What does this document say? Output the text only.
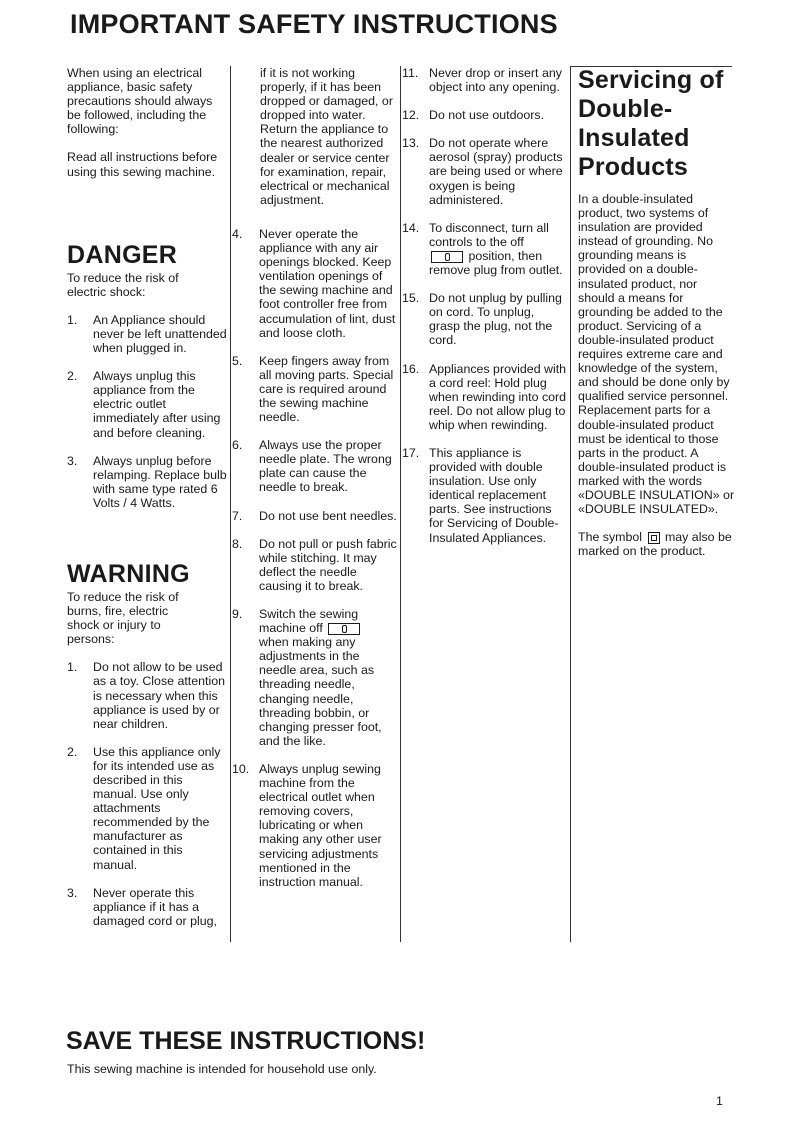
IMPORTANT SAFETY INSTRUCTIONS

When using an electrical appliance, basic safety precautions should always be followed, including the following:

Read all instructions before using this sewing machine.

DANGER

To reduce the risk of electric shock:

1. An Appliance should never be left unattended when plugged in.
2. Always unplug this appliance from the electric outlet immediately after using and before cleaning.
3. Always unplug before relamping. Replace bulb with same type rated 6 Volts / 4 Watts.
WARNING

To reduce the risk of burns, fire, electric shock or injury to persons:

1. Do not allow to be used as a toy. Close attention is necessary when this appliance is used by or near children.
2. Use this appliance only for its intended use as described in this manual. Use only attachments recommended by the manufacturer as contained in this manual.
3. Never operate this appliance if it has a damaged cord or plug,

if it is not working properly, if it has been dropped or damaged, or dropped into water. Return the appliance to the nearest authorized dealer or service center for examination, repair, electrical or mechanical adjustment.

4. Never operate the appliance with any air openings blocked. Keep ventilation openings of the sewing machine and foot controller free from accumulation of lint, dust and loose cloth.
5. Keep fingers away from all moving parts. Special care is required around the sewing machine needle.
6. Always use the proper needle plate. The wrong plate can cause the needle to break.
7. Do not use bent needles.
8. Do not pull or push fabric while stitching. It may deflect the needle causing it to break.
9. Switch the sewing machine off
when making any adjustments in the needle area, such as threading needle, changing needle, threading bobbin, or changing presser foot, and the like.
10. Always unplug sewing machine from the electrical outlet when removing covers, lubricating or when making any other user servicing adjustments mentioned in the instruction manual.
11. Never drop or insert any object into any opening.
12. Do not use outdoors.
13. Do not operate where aerosol (spray) products are being used or where oxygen is being administered.
14. To disconnect, turn all controls to the off
position, then remove plug from outlet.
15. Do not unplug by pulling on cord. To unplug, grasp the plug, not the cord.
16. Appliances provided with a cord reel: Hold plug when rewinding into cord reel. Do not allow plug to whip when rewinding.
17. This appliance is provided with double insulation. Use only identical replacement parts. See instructions for Servicing of Double-Insulated Appliances.
Servicing of
Double-
Insulated
Products

In a double-insulated product, two systems of insulation are provided instead of grounding. No grounding means is provided on a double-insulated product, nor should a means for grounding be added to the product. Servicing of a double-insulated product requires extreme care and knowledge of the system, and should be done only by qualified service personnel. Replacement parts for a double-insulated product must be identical to those parts in the product. A double-insulated product is marked with the words «DOUBLE INSULATION» or «DOUBLE INSULATED».

The symbol may also be marked on the product.

SAVE THESE INSTRUCTIONS!
This sewing machine is intended for household use only.
1
